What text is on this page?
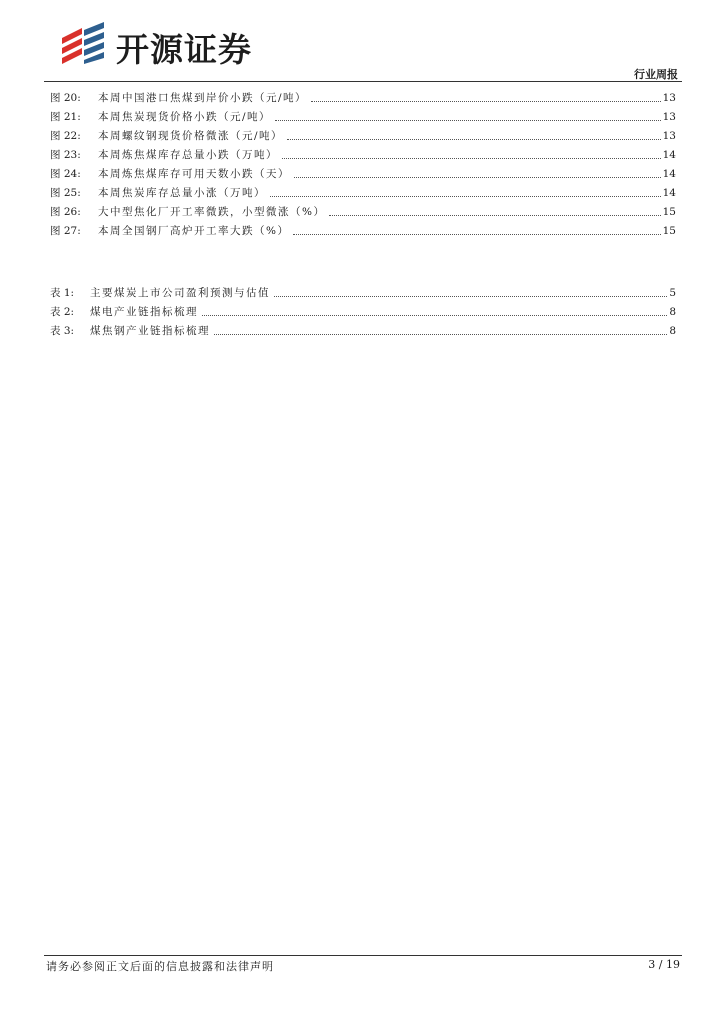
开源证券
行业周报
图 20:	本周中国港口焦煤到岸价小跌（元/吨）	13
图 21:	本周焦炭现货价格小跌（元/吨）	13
图 22:	本周螺纹钢现货价格微涨（元/吨）	13
图 23:	本周炼焦煤库存总量小跌（万吨）	14
图 24:	本周炼焦煤库存可用天数小跌（天）	14
图 25:	本周焦炭库存总量小涨（万吨）	14
图 26:	大中型焦化厂开工率微跌，小型微涨（%）	15
图 27:	本周全国钢厂高炉开工率大跌（%）	15
表 1:	主要煤炭上市公司盈利预测与估值	5
表 2:	煤电产业链指标梳理	8
表 3:	煤焦钢产业链指标梳理	8
请务必参阅正文后面的信息披露和法律声明	3 / 19
